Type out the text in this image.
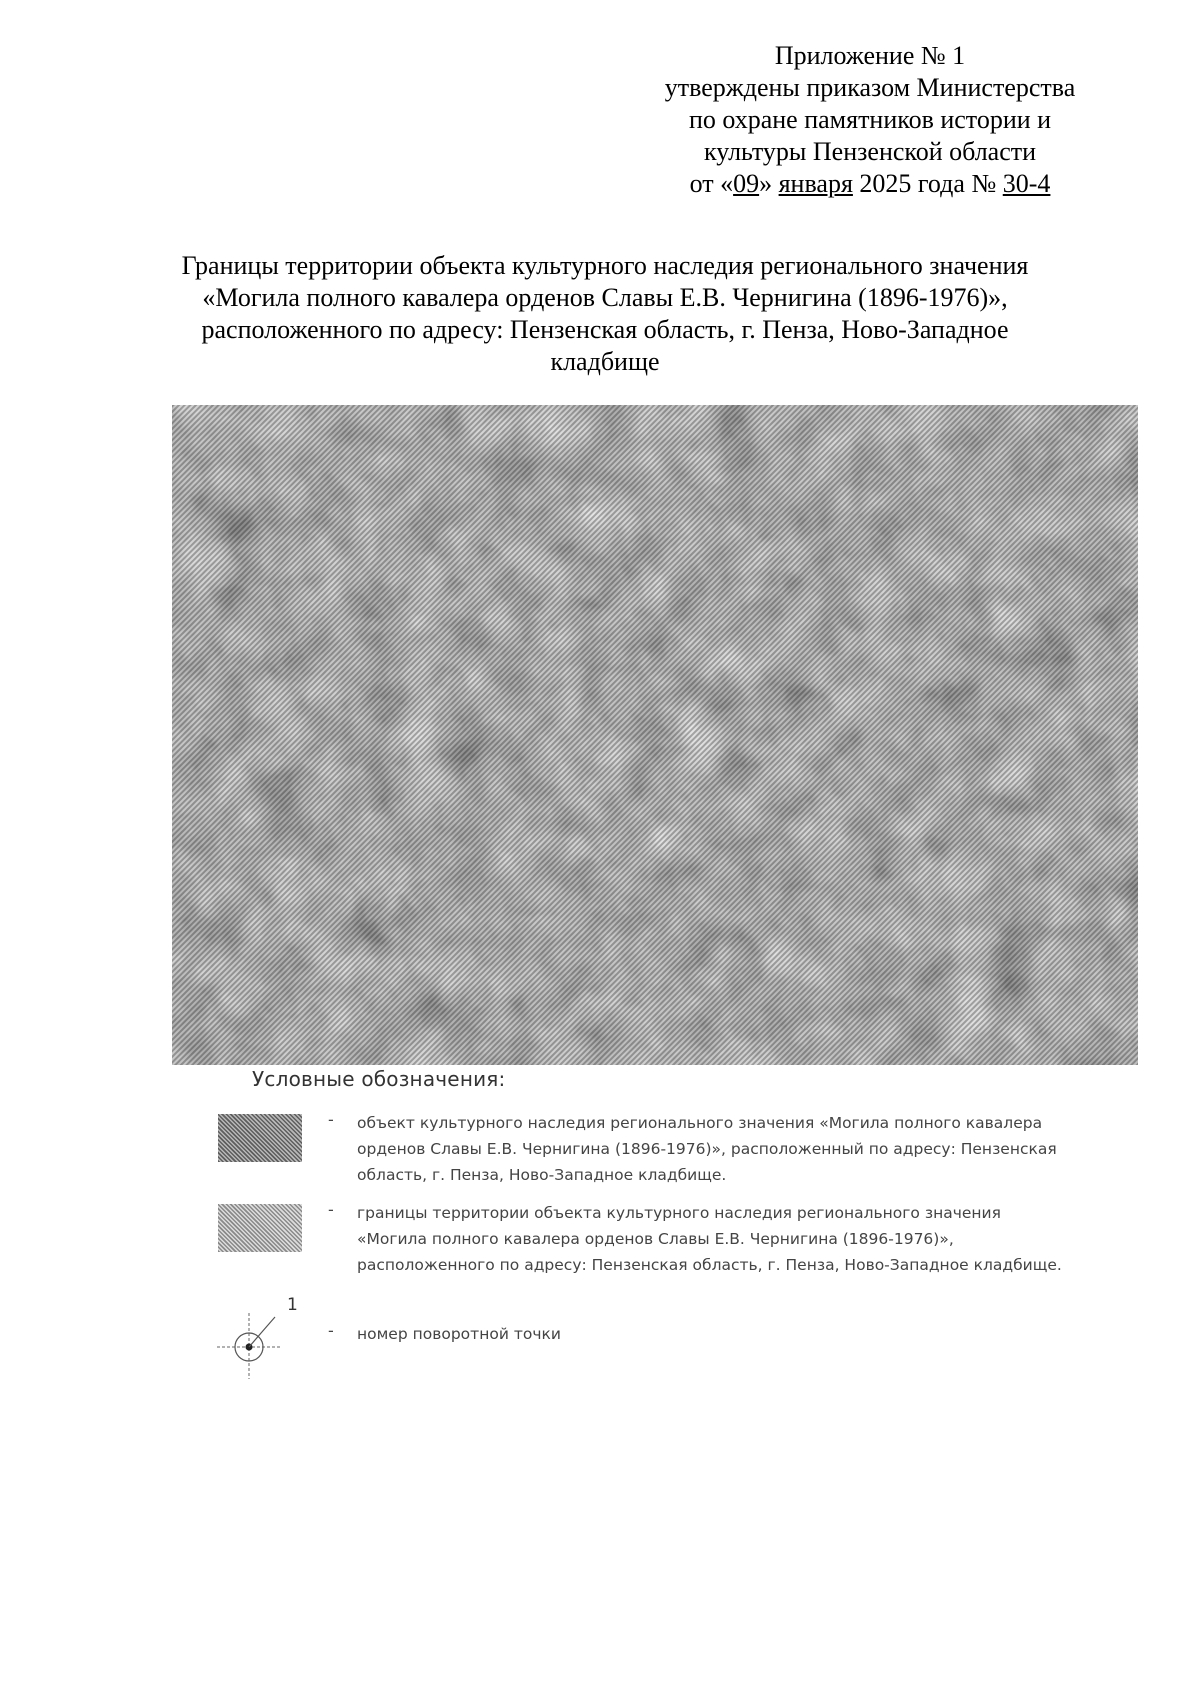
Приложение № 1
утверждены приказом Министерства
по охране памятников истории и
культуры Пензенской области
от «09» января 2025 года № 30-4
Границы территории объекта культурного наследия регионального значения
«Могила полного кавалера орденов Славы Е.В. Чернигина (1896-1976)»,
расположенного по адресу: Пензенская область, г. Пенза, Ново-Западное
кладбище
Условные обозначения:
- объект культурного наследия регионального значения «Могила полного кавалера
орденов Славы Е.В. Чернигина (1896-1976)», расположенный по адресу: Пензенская
область, г. Пенза, Ново-Западное кладбище.
- границы территории объекта культурного наследия регионального значения
«Могила полного кавалера орденов Славы Е.В. Чернигина (1896-1976)»,
расположенного по адресу: Пензенская область, г. Пенза, Ново-Западное кладбище.
1
- номер поворотной точки
